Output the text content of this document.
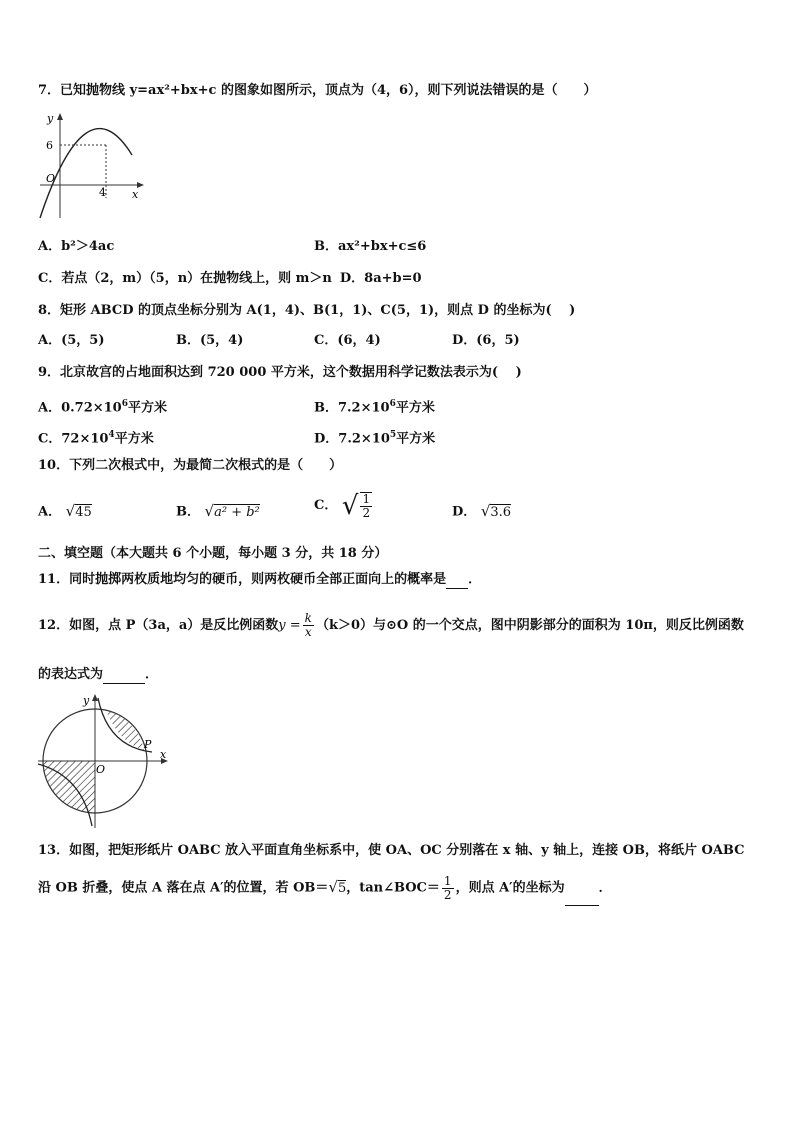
7．已知抛物线 y=ax²+bx+c 的图象如图所示，顶点为（4，6），则下列说法错误的是（　　）
y
x
O
6
4
A．b²＞4ac	B．ax²+bx+c≤6
C．若点（2，m）（5，n）在抛物线上，则 m＞n D．8a+b=0
8．矩形 ABCD 的顶点坐标分别为 A(1，4)、B(1，1)、C(5，1)，则点 D 的坐标为(　 )
A．(5，5)	B．(5，4)	C．(6，4)	D．(6，5)
9．北京故宫的占地面积达到 720 000 平方米，这个数据用科学记数法表示为(　 )
A．$0.72\times 10^6$平方米	B．$7.2\times 10^6$平方米
C．$72\times 10^4$平方米	D．$7.2\times 10^5$平方米
10．下列二次根式中，为最简二次根式的是（　　）
A． √45	B． √a² + b²	C． √ $\frac{1}{2}$	D． √3.6
二、填空题（本大题共 6 个小题，每小题 3 分，共 18 分）
11．同时抛掷两枚质地均匀的硬币，则两枚硬币全部正面向上的概率是 ．
12．如图，点 P（3a，a）是反比例函数$y = \frac{k}{x} (k>0)$与⊙O 的一个交点，图中阴影部分的面积为 10π，则反比例函数
的表达式为	．
y
x
O
P
13．如图，把矩形纸片 OABC 放入平面直角坐标系中，使 OA、OC 分别落在 x 轴、y 轴上，连接 OB，将纸片 OABC
沿 OB 折叠，使点 A 落在点 A′的位置，若 OB＝√5，tan∠BOC＝ $\frac{1}{2}$ ，则点 A′的坐标为	．
